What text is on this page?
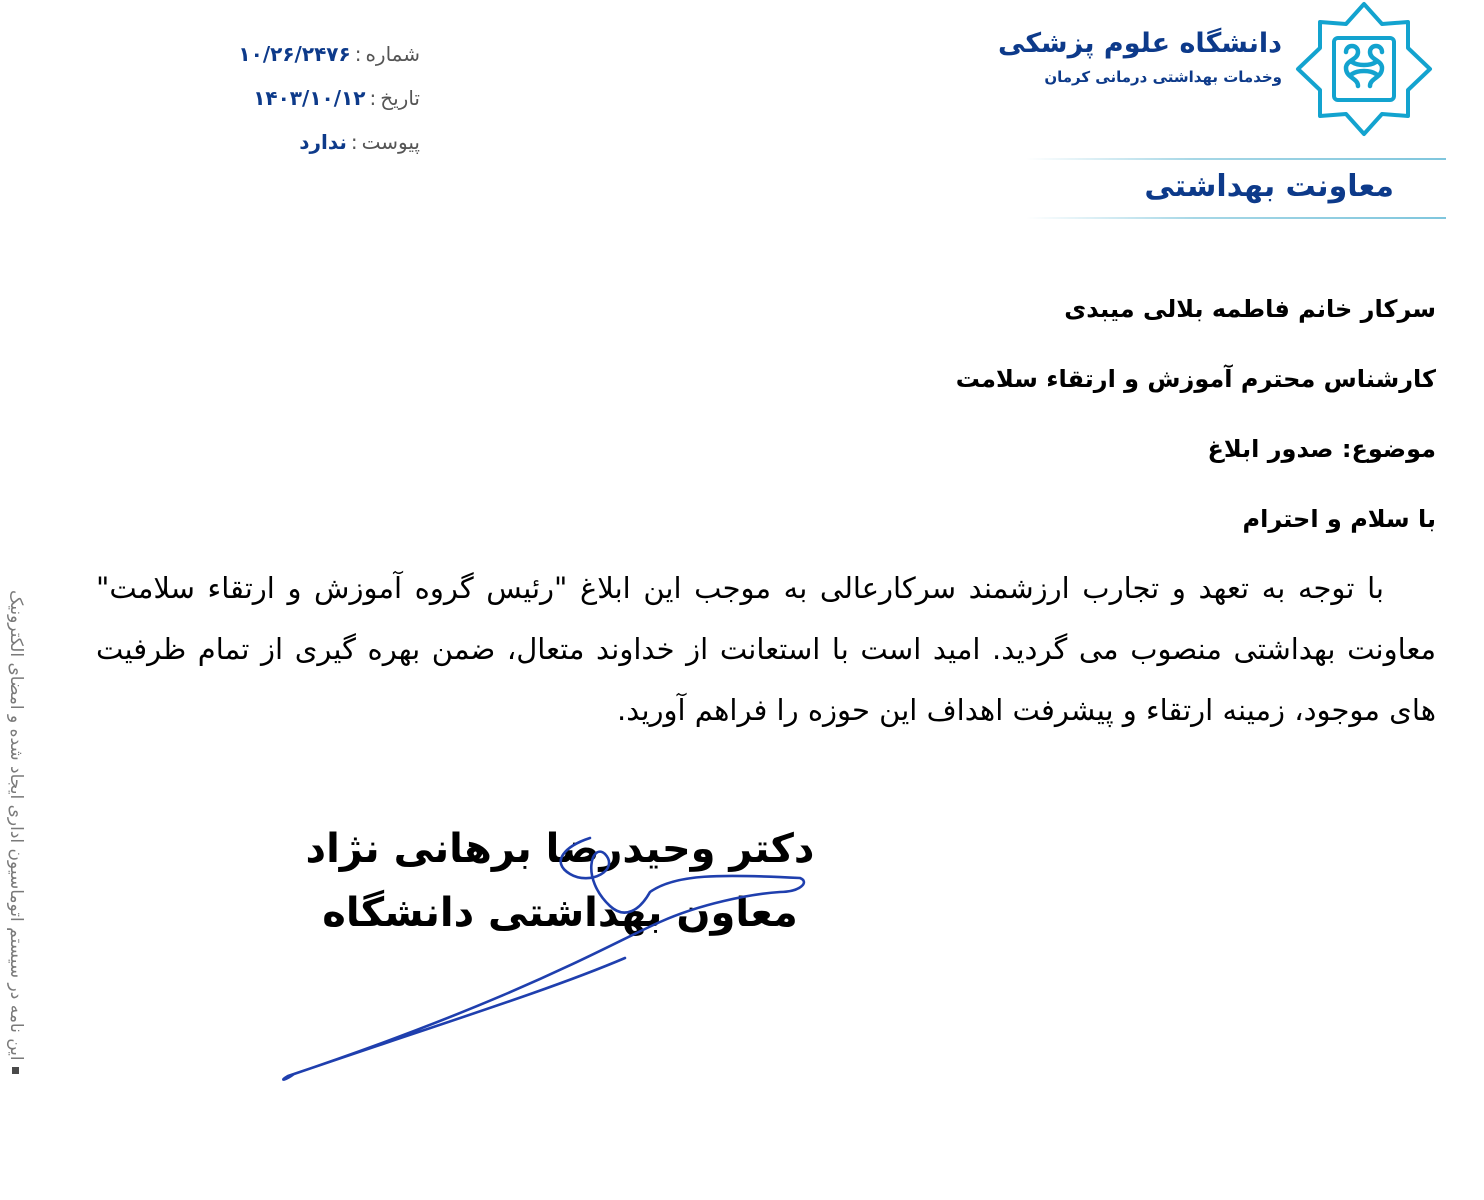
دانشگاه علوم پزشکی
وخدمات بهداشتی درمانی کرمان
معاونت بهداشتی
شماره:۱۰/۲۶/۲۴۷۶
تاریخ:۱۴۰۳/۱۰/۱۲
پیوست:ندارد
سرکار خانم فاطمه بلالی میبدی
کارشناس محترم آموزش و ارتقاء سلامت
موضوع: صدور ابلاغ
با سلام و احترام
با توجه به تعهد و تجارب ارزشمند سرکارعالی به موجب این ابلاغ "رئیس گروه آموزش و ارتقاء سلامت" معاونت بهداشتی منصوب می گردید. امید است با استعانت از خداوند متعال، ضمن بهره گیری از تمام ظرفیت های موجود، زمینه ارتقاء و پیشرفت اهداف این حوزه را فراهم آورید.
دکتر وحیدرضا برهانی نژاد
معاون بهداشتی دانشگاه
این نامه در سیستم اتوماسیون اداری ایجاد شده و امضای الکترونیک
